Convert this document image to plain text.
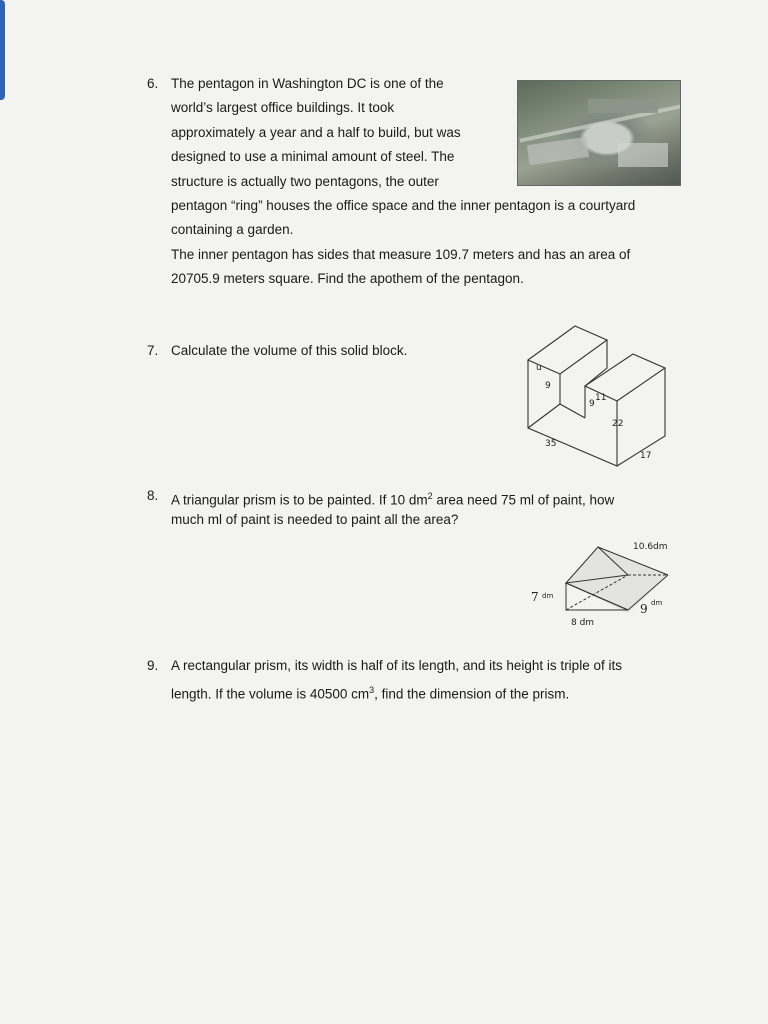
6. The pentagon in Washington DC is one of the
world’s largest office buildings. It took
approximately a year and a half to build, but was
designed to use a minimal amount of steel. The
structure is actually two pentagons, the outer
pentagon “ring” houses the office space and the inner pentagon is a courtyard
containing a garden.
The inner pentagon has sides that measure 109.7 meters and has an area of
20705.9 meters square. Find the apothem of the pentagon.
7. Calculate the volume of this solid block.
u
9
9
11
22
35
17
8. A triangular prism is to be painted. If 10 $dm^2$ area need 75 ml of paint, how
much ml of paint is needed to paint all the area?
10.6dm
7 dm
8 dm
9 dm
9. A rectangular prism, its width is half of its length, and its height is triple of its
length. If the volume is 40500 $cm^3$, find the dimension of the prism.
